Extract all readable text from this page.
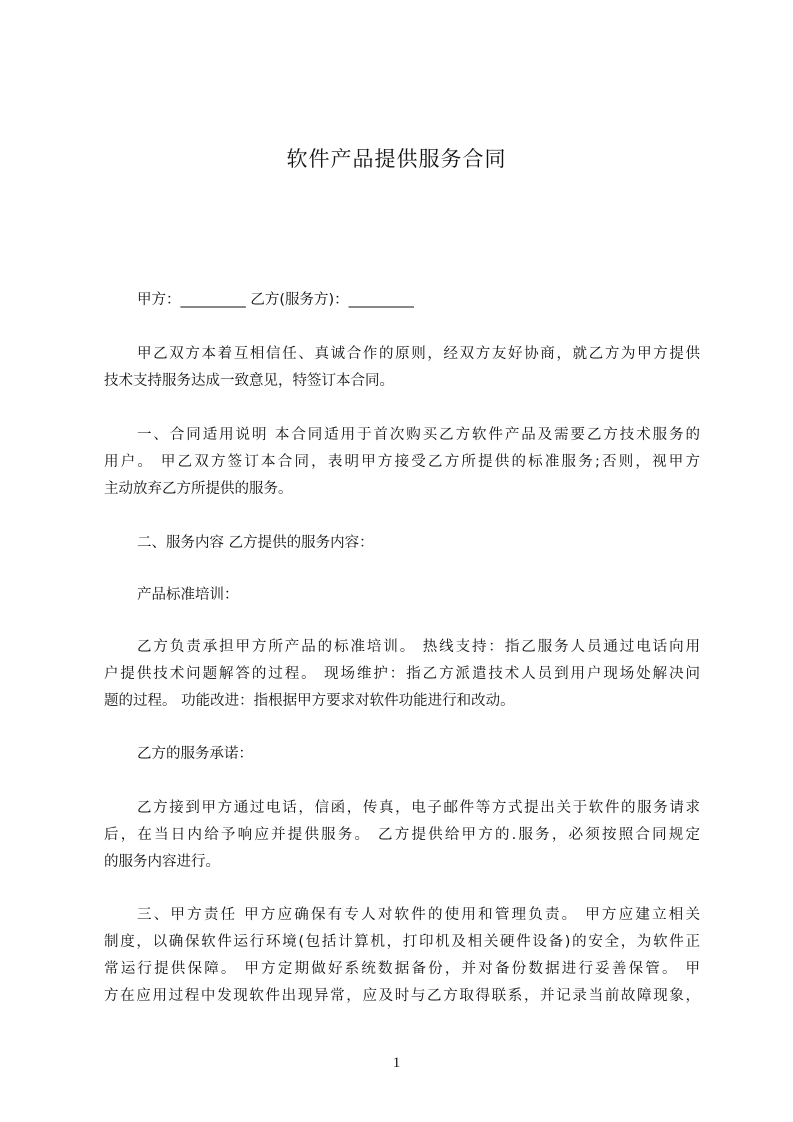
软件产品提供服务合同
甲方：_________ 乙方(服务方)：_________
甲乙双方本着互相信任、真诚合作的原则，经双方友好协商，就乙方为甲方提供
技术支持服务达成一致意见，特签订本合同。
一、合同适用说明 本合同适用于首次购买乙方软件产品及需要乙方技术服务的
用户。 甲乙双方签订本合同，表明甲方接受乙方所提供的标准服务;否则，视甲方
主动放弃乙方所提供的服务。
二、服务内容 乙方提供的服务内容：
产品标准培训：
乙方负责承担甲方所产品的标准培训。 热线支持：指乙服务人员通过电话向用
户提供技术问题解答的过程。 现场维护：指乙方派遣技术人员到用户现场处解决问
题的过程。 功能改进：指根据甲方要求对软件功能进行和改动。
乙方的服务承诺：
乙方接到甲方通过电话，信函，传真，电子邮件等方式提出关于软件的服务请求
后，在当日内给予响应并提供服务。 乙方提供给甲方的.服务，必须按照合同规定
的服务内容进行。
三、甲方责任 甲方应确保有专人对软件的使用和管理负责。 甲方应建立相关
制度，以确保软件运行环境(包括计算机，打印机及相关硬件设备)的安全，为软件正
常运行提供保障。 甲方定期做好系统数据备份，并对备份数据进行妥善保管。 甲
方在应用过程中发现软件出现异常，应及时与乙方取得联系，并记录当前故障现象，
1
